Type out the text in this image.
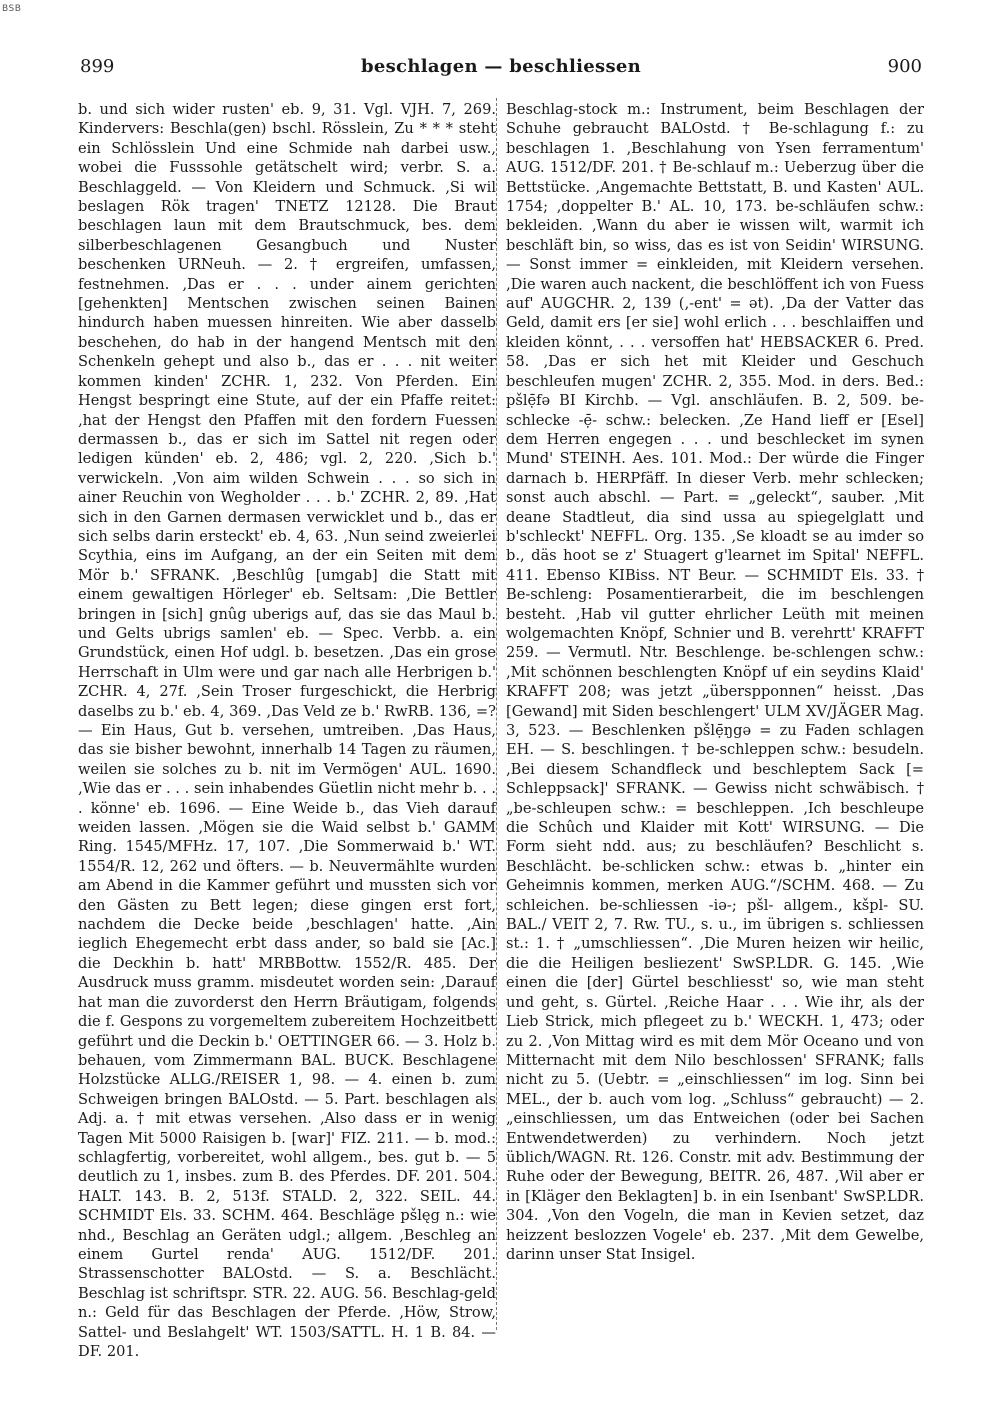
BSB
899	beschlagen — beschliessen	900

b. und sich wider rusten' eb. 9, 31. Vgl. VJH. 7, 269. Kindervers: Beschla(gen) bschl. Rösslein, Zu * * * steht ein Schlösslein Und eine Schmide nah darbei usw., wobei die Fusssohle getätschelt wird; verbr. S. a. Beschlaggeld. — Von Kleidern und Schmuck. ‚Si wil beslagen Rök tragen' TNETZ 12128. Die Braut beschlagen laun mit dem Brautschmuck, bes. dem silberbeschlagenen Gesangbuch und Nuster beschenken URNeuh. — 2. † ergreifen, umfassen, festnehmen. ‚Das er . . . under ainem gerichten [gehenkten] Mentschen zwischen seinen Bainen hindurch haben muessen hinreiten. Wie aber dasselb beschehen, do hab in der hangend Mentsch mit den Schenkeln gehept und also b., das er . . . nit weiter kommen kinden' ZCHR. 1, 232. Von Pferden. Ein Hengst bespringt eine Stute, auf der ein Pfaffe reitet: ‚hat der Hengst den Pfaffen mit den fordern Fuessen dermassen b., das er sich im Sattel nit regen oder ledigen künden' eb. 2, 486; vgl. 2, 220. ‚Sich b.' verwickeln. ‚Von aim wilden Schwein . . . so sich in ainer Reuchin von Wegholder . . . b.' ZCHR. 2, 89. ‚Hat sich in den Garnen dermasen verwicklet und b., das er sich selbs darin ersteckt' eb. 4, 63. ‚Nun seind zweierlei Scythia, eins im Aufgang, an der ein Seiten mit dem Mör b.' SFRANK. ‚Beschlûg [umgab] die Statt mit einem gewaltigen Hörleger' eb. Seltsam: ‚Die Bettler bringen in [sich] gnûg uberigs auf, das sie das Maul b. und Gelts ubrigs samlen' eb. — Spec. Verbb. a. ein Grundstück, einen Hof udgl. b. besetzen. ‚Das ein grose Herrschaft in Ulm were und gar nach alle Herbrigen b.' ZCHR. 4, 27f. ‚Sein Troser furgeschickt, die Herbrig daselbs zu b.' eb. 4, 369. ‚Das Veld ze b.' RwRB. 136, =? — Ein Haus, Gut b. versehen, umtreiben. ‚Das Haus, das sie bisher bewohnt, innerhalb 14 Tagen zu räumen, weilen sie solches zu b. nit im Vermögen' AUL. 1690. ‚Wie das er . . . sein inhabendes Güetlin nicht mehr b. . . . könne' eb. 1696. — Eine Weide b., das Vieh darauf weiden lassen. ‚Mögen sie die Waid selbst b.' GAMM Ring. 1545/MFHz. 17, 107. ‚Die Sommerwaid b.' WT. 1554/R. 12, 262 und öfters. — b. Neuvermählte wurden am Abend in die Kammer geführt und mussten sich vor den Gästen zu Bett legen; diese gingen erst fort, nachdem die Decke beide ‚beschlagen' hatte. ‚Ain ieglich Ehegemecht erbt dass ander, so bald sie [Ac.] die Deckhin b. hatt' MRBBottw. 1552/R. 485. Der Ausdruck muss gramm. misdeutet worden sein: ‚Darauf hat man die zuvorderst den Herrn Bräutigam, folgends die f. Gespons zu vorgemeltem zubereitem Hochzeitbett geführt und die Deckin b.' OETTINGER 66. — 3. Holz b. behauen, vom Zimmermann BAL. BUCK. Beschlagene Holzstücke ALLG./REISER 1, 98. — 4. einen b. zum Schweigen bringen BALOstd. — 5. Part. beschlagen als Adj. a. † mit etwas versehen. ‚Also dass er in wenig Tagen Mit 5000 Raisigen b. [war]' FIZ. 211. — b. mod.: schlagfertig, vorbereitet, wohl allgem., bes. gut b. — 5 deutlich zu 1, insbes. zum B. des Pferdes. DF. 201. 504. HALT. 143. B. 2, 513f. STALD. 2, 322. SEIL. 44. SCHMIDT Els. 33. SCHM. 464. Beschläge pšlęg n.: wie nhd., Beschlag an Geräten udgl.; allgem. ‚Beschleg an einem Gurtel renda' AUG. 1512/DF. 201. Strassenschotter BALOstd. — S. a. Beschlächt. Beschlag ist schriftspr. STR. 22. AUG. 56. Beschlag-geld n.: Geld für das Beschlagen der Pferde. ‚Höw, Strow, Sattel- und Beslahgelt' WT. 1503/SATTL. H. 1 B. 84. — DF. 201.

Beschlag-stock m.: Instrument, beim Beschlagen der Schuhe gebraucht BALOstd. † Be-schlagung f.: zu beschlagen 1. ‚Beschlahung von Ysen ferramentum' AUG. 1512/DF. 201. † Be-schlauf m.: Ueberzug über die Bettstücke. ‚Angemachte Bettstatt, B. und Kasten' AUL. 1754; ‚doppelter B.' AL. 10, 173. be-schläufen schw.: bekleiden. ‚Wann du aber ie wissen wilt, warmit ich beschläft bin, so wiss, das es ist von Seidin' WIRSUNG. — Sonst immer = einkleiden, mit Kleidern versehen. ‚Die waren auch nackent, die beschlöffent ich von Fuess auf' AUGCHR. 2, 139 (‚-ent' = ət). ‚Da der Vatter das Geld, damit ers [er sie] wohl erlich . . . beschlaiffen und kleiden könnt, . . . versoffen hat' HEBSACKER 6. Pred. 58. ‚Das er sich het mit Kleider und Geschuch beschleufen mugen' ZCHR. 2, 355. Mod. in ders. Bed.: pšlẹ̄fə BI Kirchb. — Vgl. anschläufen. B. 2, 509. be-schlecke -ẹ̄- schw.: belecken. ‚Ze Hand lieff er [Esel] dem Herren engegen . . . und beschlecket im synen Mund' STEINH. Aes. 101. Mod.: Der würde die Finger darnach b. HERPfäff. In dieser Verb. mehr schlecken; sonst auch abschl. — Part. = „geleckt“, sauber. ‚Mit deane Stadtleut, dia sind ussa au spiegelglatt und b'schleckt' NEFFL. Org. 135. ‚Se kloadt se au imder so b., däs hoot se z' Stuagert g'learnet im Spital' NEFFL. 411. Ebenso KIBiss. NT Beur. — SCHMIDT Els. 33. † Be-schleng: Posamentierarbeit, die im beschlengen besteht. ‚Hab vil gutter ehrlicher Leüth mit meinen wolgemachten Knöpf, Schnier und B. verehrtt' KRAFFT 259. — Vermutl. Ntr. Beschlenge. be-schlengen schw.: ‚Mit schönnen beschlengten Knöpf uf ein seydins Klaid' KRAFFT 208; was jetzt „überspponnen“ heisst. ‚Das [Gewand] mit Siden beschlengert' ULM XV/JÄGER Mag. 3, 523. — Beschlenken pšlẹ̄ŋgə = zu Faden schlagen EH. — S. beschlingen. † be-schleppen schw.: besudeln. ‚Bei diesem Schandfleck und beschleptem Sack [= Schleppsack]' SFRANK. — Gewiss nicht schwäbisch. † „be-schleupen schw.: = beschleppen. ‚Ich beschleupe die Schûch und Klaider mit Kott' WIRSUNG. — Die Form sieht ndd. aus; zu beschläufen? Beschlicht s. Beschlächt. be-schlicken schw.: etwas b. „hinter ein Geheimnis kommen, merken AUG.“/SCHM. 468. — Zu schleichen. be-schliessen -iə-; pšl- allgem., kšpl- SU. BAL./ VEIT 2, 7. Rw. TU., s. u., im übrigen s. schliessen st.: 1. † „umschliessen“. ‚Die Muren heizen wir heilic, die die Heiligen besliezent' SwSP.LDR. G. 145. ‚Wie einen die [der] Gürtel beschliesst' so, wie man steht und geht, s. Gürtel. ‚Reiche Haar . . . Wie ihr, als der Lieb Strick, mich pflegeet zu b.' WECKH. 1, 473; oder zu 2. ‚Von Mittag wird es mit dem Mör Oceano und von Mitternacht mit dem Nilo beschlossen' SFRANK; falls nicht zu 5. (Uebtr. = „einschliessen“ im log. Sinn bei MEL., der b. auch vom log. „Schluss“ gebraucht) — 2. „einschliessen, um das Entweichen (oder bei Sachen Entwendetwerden) zu verhindern. Noch jetzt üblich/WAGN. Rt. 126. Constr. mit adv. Bestimmung der Ruhe oder der Bewegung, BEITR. 26, 487. ‚Wil aber er in [Kläger den Beklagten] b. in ein Isenbant' SwSP.LDR. 304. ‚Von den Vogeln, die man in Kevien setzet, daz heizzent beslozzen Vogele' eb. 237. ‚Mit dem Gewelbe, darinn unser Stat Insigel.
